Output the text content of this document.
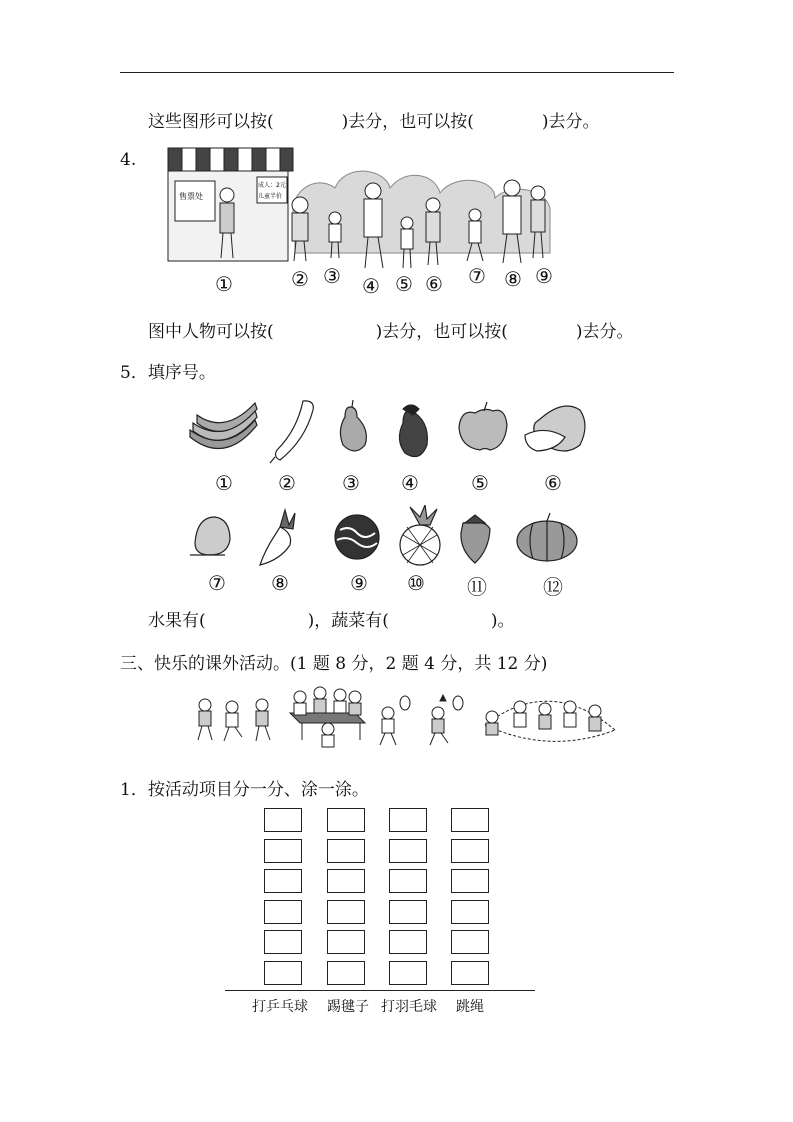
这些图形可以按(　　　　)去分，也可以按(　　　　)去分。
4.
售票处
成人：2元
儿童半价
①	② ③	④ ⑤ ⑥	⑦ ⑧ ⑨
图中人物可以按(　　　　　　)去分，也可以按(　　　　)去分。
5．填序号。
①	②	③	④	⑤	⑥
⑦	⑧	⑨	⑩	⑪	⑫
水果有(　　　　　　)，蔬菜有(　　　　　　)。
三、快乐的课外活动。(1 题 8 分，2 题 4 分，共 12 分)
1．按活动项目分一分、涂一涂。
打乒乓球 踢毽子 打羽毛球 跳绳
